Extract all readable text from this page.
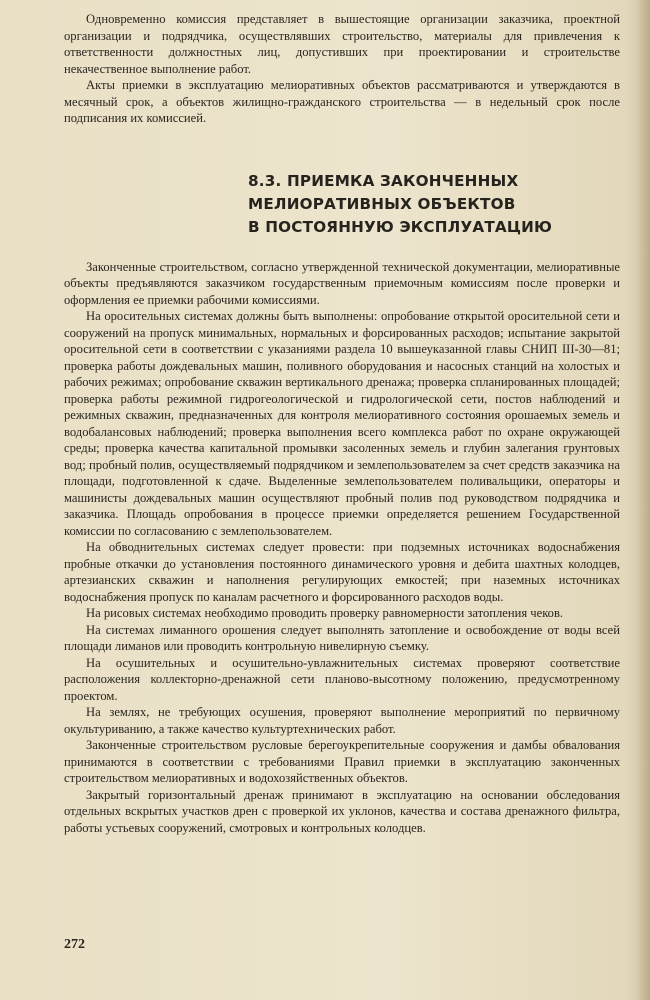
Одновременно комиссия представляет в вышестоящие организации заказчика, проектной организации и подрядчика, осуществлявших строительство, материалы для привлечения к ответственности должностных лиц, допустивших при проектировании и строительстве некачественное выполнение работ.

Акты приемки в эксплуатацию мелиоративных объектов рассматриваются и утверждаются в месячный срок, а объектов жилищно-гражданского строительства — в недельный срок после подписания их комиссией.

8.3. ПРИЕМКА ЗАКОНЧЕННЫХ
МЕЛИОРАТИВНЫХ ОБЪЕКТОВ
В ПОСТОЯННУЮ ЭКСПЛУАТАЦИЮ

Законченные строительством, согласно утвержденной технической документации, мелиоративные объекты предъявляются заказчиком государственным приемочным комиссиям после проверки и оформления ее приемки рабочими комиссиями.

На оросительных системах должны быть выполнены: опробование открытой оросительной сети и сооружений на пропуск минимальных, нормальных и форсированных расходов; испытание закрытой оросительной сети в соответствии с указаниями раздела 10 вышеуказанной главы СНИП III-30—81; проверка работы дождевальных машин, поливного оборудования и насосных станций на холостых и рабочих режимах; опробование скважин вертикального дренажа; проверка спланированных площадей; проверка работы режимной гидрогеологической и гидрологической сети, постов наблюдений и режимных скважин, предназначенных для контроля мелиоративного состояния орошаемых земель и водобалансовых наблюдений; проверка выполнения всего комплекса работ по охране окружающей среды; проверка качества капитальной промывки засоленных земель и глубин залегания грунтовых вод; пробный полив, осуществляемый подрядчиком и землепользователем за счет средств заказчика на площади, подготовленной к сдаче. Выделенные землепользователем поливальщики, операторы и машинисты дождевальных машин осуществляют пробный полив под руководством подрядчика и заказчика. Площадь опробования в процессе приемки определяется решением Государственной комиссии по согласованию с землепользователем.

На обводнительных системах следует провести: при подземных источниках водоснабжения пробные откачки до установления постоянного динамического уровня и дебита шахтных колодцев, артезианских скважин и наполнения регулирующих емкостей; при наземных источниках водоснабжения пропуск по каналам расчетного и форсированного расходов воды.

На рисовых системах необходимо проводить проверку равномерности затопления чеков.

На системах лиманного орошения следует выполнять затопление и освобождение от воды всей площади лиманов или проводить контрольную нивелирную съемку.

На осушительных и осушительно-увлажнительных системах проверяют соответствие расположения коллекторно-дренажной сети планово-высотному положению, предусмотренному проектом.

На землях, не требующих осушения, проверяют выполнение мероприятий по первичному окультуриванию, а также качество культуртехнических работ.

Законченные строительством русловые берегоукрепительные сооружения и дамбы обвалования принимаются в соответствии с требованиями Правил приемки в эксплуатацию законченных строительством мелиоративных и водохозяйственных объектов.

Закрытый горизонтальный дренаж принимают в эксплуатацию на основании обследования отдельных вскрытых участков дрен с проверкой их уклонов, качества и состава дренажного фильтра, работы устьевых сооружений, смотровых и контрольных колодцев.

272
